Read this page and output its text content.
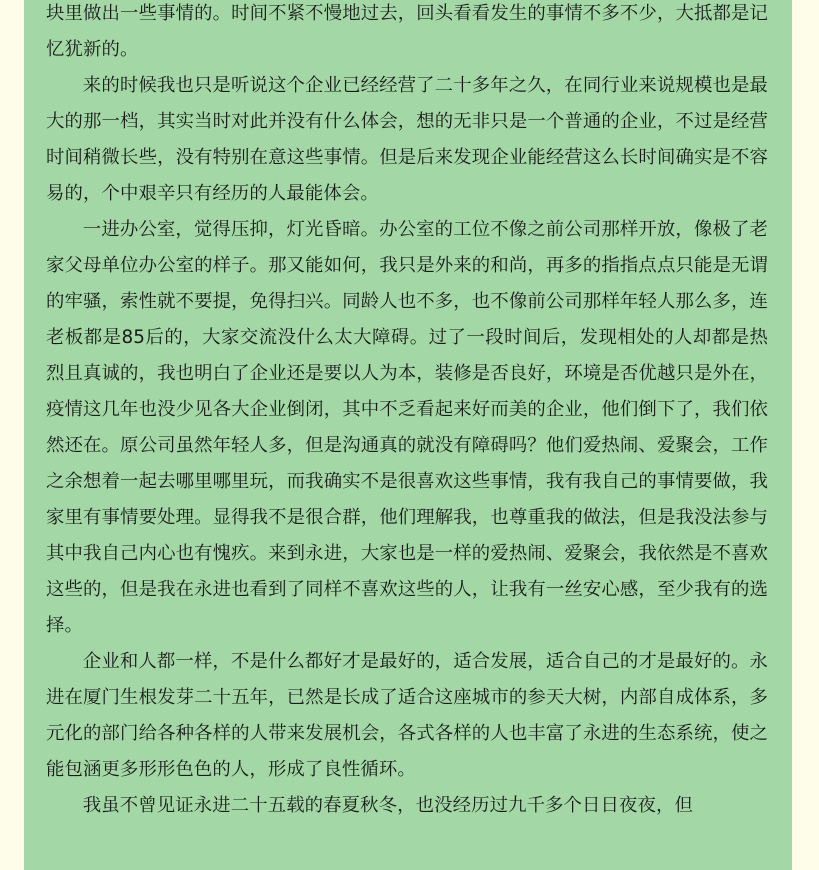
块里做出一些事情的。时间不紧不慢地过去，回头看看发生的事情不多不少，大抵都是记忆犹新的。

来的时候我也只是听说这个企业已经经营了二十多年之久，在同行业来说规模也是最大的那一档，其实当时对此并没有什么体会，想的无非只是一个普通的企业，不过是经营时间稍微长些，没有特别在意这些事情。但是后来发现企业能经营这么长时间确实是不容易的，个中艰辛只有经历的人最能体会。

一进办公室，觉得压抑，灯光昏暗。办公室的工位不像之前公司那样开放，像极了老家父母单位办公室的样子。那又能如何，我只是外来的和尚，再多的指指点点只能是无谓的牢骚，索性就不要提，免得扫兴。同龄人也不多，也不像前公司那样年轻人那么多，连老板都是85后的，大家交流没什么太大障碍。过了一段时间后，发现相处的人却都是热烈且真诚的，我也明白了企业还是要以人为本，装修是否良好，环境是否优越只是外在，疫情这几年也没少见各大企业倒闭，其中不乏看起来好而美的企业，他们倒下了，我们依然还在。原公司虽然年轻人多，但是沟通真的就没有障碍吗？他们爱热闹、爱聚会，工作之余想着一起去哪里哪里玩，而我确实不是很喜欢这些事情，我有我自己的事情要做，我家里有事情要处理。显得我不是很合群，他们理解我，也尊重我的做法，但是我没法参与其中我自己内心也有愧疚。来到永进，大家也是一样的爱热闹、爱聚会，我依然是不喜欢这些的，但是我在永进也看到了同样不喜欢这些的人，让我有一丝安心感，至少我有的选择。

企业和人都一样，不是什么都好才是最好的，适合发展，适合自己的才是最好的。永进在厦门生根发芽二十五年，已然是长成了适合这座城市的参天大树，内部自成体系，多元化的部门给各种各样的人带来发展机会，各式各样的人也丰富了永进的生态系统，使之能包涵更多形形色色的人，形成了良性循环。

我虽不曾见证永进二十五载的春夏秋冬，也没经历过九千多个日日夜夜，但
